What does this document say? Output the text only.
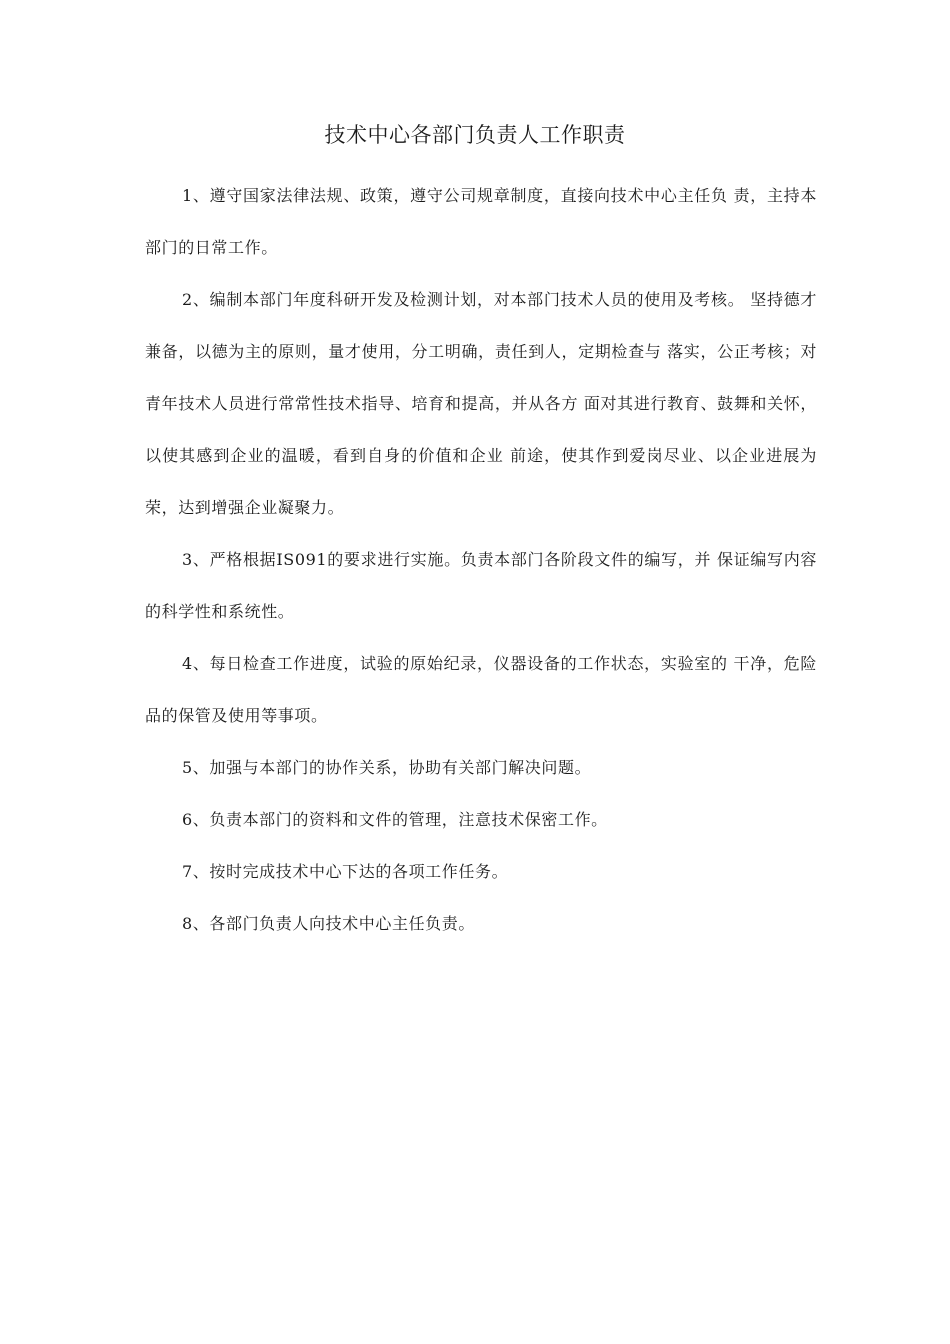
技术中心各部门负责人工作职责

1、遵守国家法律法规、政策，遵守公司规章制度，直接向技术中心主任负 责，主持本部门的日常工作。

2、编制本部门年度科研开发及检测计划，对本部门技术人员的使用及考核。 坚持德才兼备，以德为主的原则，量才使用，分工明确，责任到人，定期检查与 落实，公正考核；对青年技术人员进行常常性技术指导、培育和提高，并从各方 面对其进行教育、鼓舞和关怀，以使其感到企业的温暖，看到自身的价值和企业 前途，使其作到爱岗尽业、以企业进展为荣，达到增强企业凝聚力。

3、严格根据IS091的要求进行实施。负责本部门各阶段文件的编写，并 保证编写内容的科学性和系统性。

4、每日检查工作进度，试验的原始纪录，仪器设备的工作状态，实验室的 干净，危险品的保管及使用等事项。

5、加强与本部门的协作关系，协助有关部门解决问题。

6、负责本部门的资料和文件的管理，注意技术保密工作。

7、按时完成技术中心下达的各项工作任务。

8、各部门负责人向技术中心主任负责。
